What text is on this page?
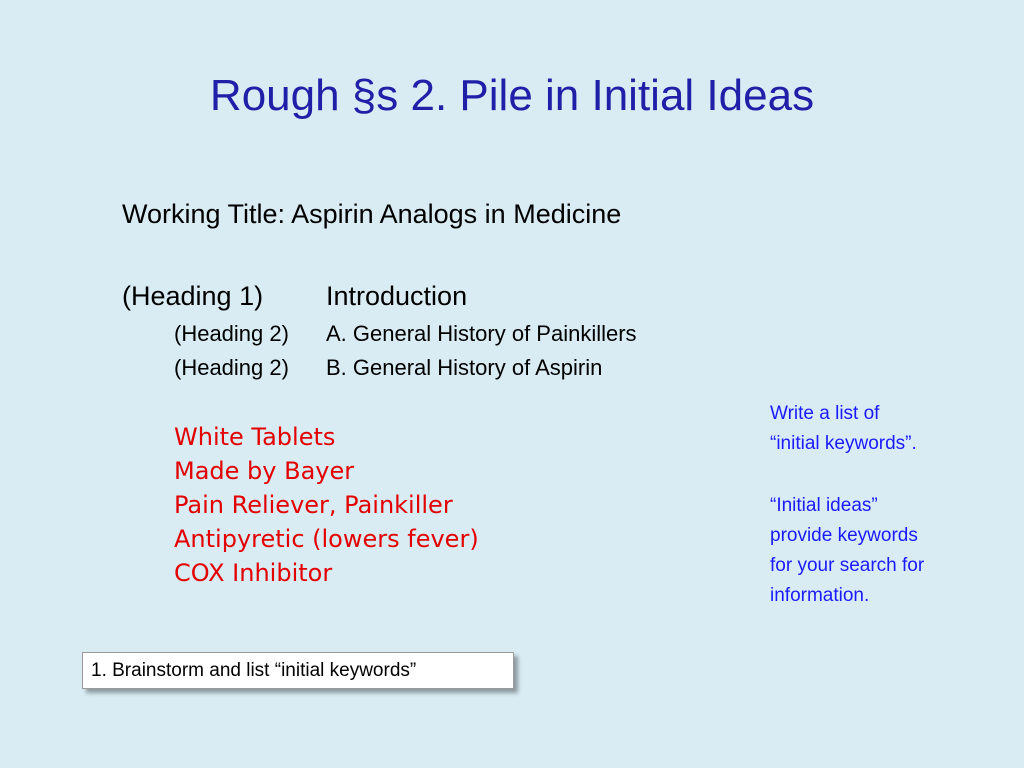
Rough §s 2. Pile in Initial Ideas
Working Title: Aspirin Analogs in Medicine
(Heading 1) Introduction
(Heading 2) A. General History of Painkillers
(Heading 2) B. General History of Aspirin
White Tablets
Made by Bayer
Pain Reliever, Painkiller
Antipyretic (lowers fever)
COX Inhibitor

Write a list of

“initial keywords”.

“Initial ideas”

provide keywords

for your search for

information.

1. Brainstorm and list “initial keywords”
